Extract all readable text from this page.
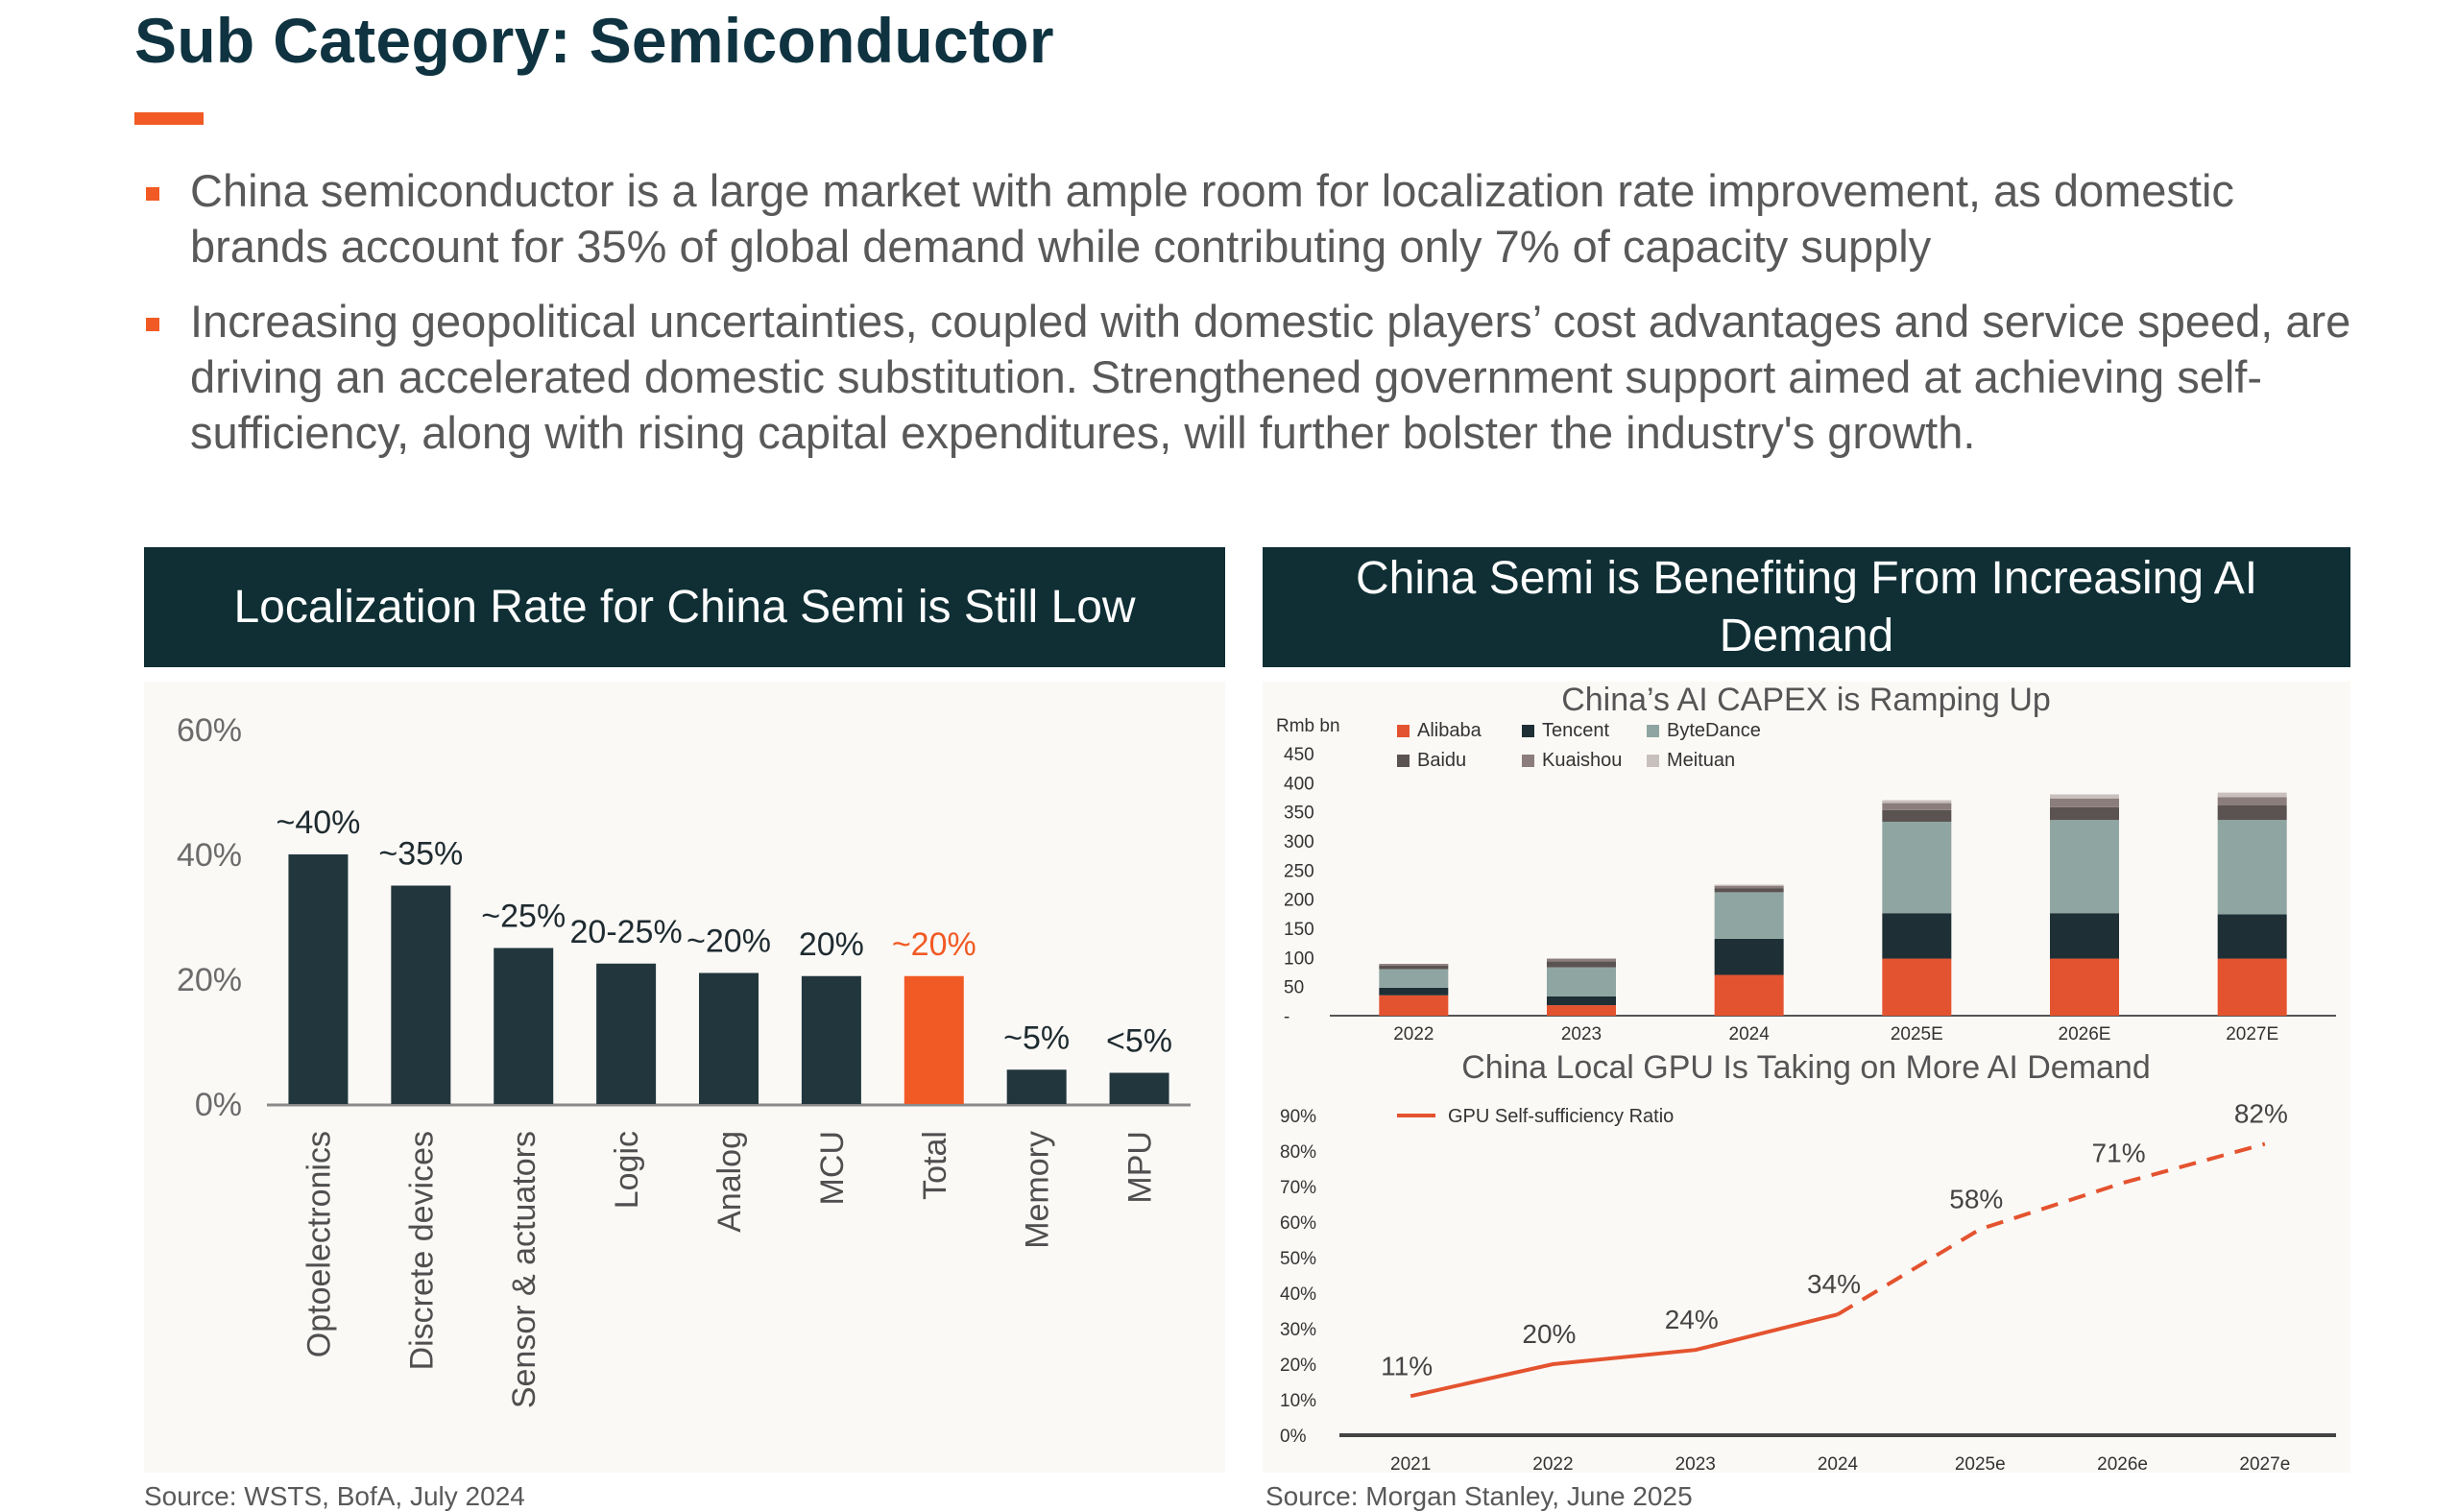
Sub Category: Semiconductor
China semiconductor is a large market with ample room for localization rate improvement, as domestic brands account for 35% of global demand while contributing only 7% of capacity supply
Increasing geopolitical uncertainties, coupled with domestic players’ cost advantages and service speed, are driving an accelerated domestic substitution. Strengthened government support aimed at achieving self-sufficiency, along with rising capital expenditures, will further bolster the industry's growth.
Localization Rate for China Semi is Still Low
0%
20%
40%
60%
~40%
Optoelectronics
~35%
Discrete devices
~25%
Sensor & actuators
20-25%
Logic
~20%
Analog
20%
MCU
~20%
Total
~5%
Memory
<5%
MPU
Source: WSTS, BofA, July 2024
China Semi is Benefiting From Increasing AI Demand
China’s AI CAPEX is Ramping Up
Rmb bn
-
50
100
150
200
250
300
350
400
450
Alibaba	Tencent	ByteDance
Baidu	Kuaishou Meituan
2022	2023	2024	2025E	2026E	2027E
China Local GPU Is Taking on More AI Demand
GPU Self-sufficiency Ratio
0%
10%
20%
30%
40%
50%
60%
70%
80%
90%
11%
2021
20%
2022
24%
2023
34%
2024
58%
2025e
71%
2026e
82%
2027e
Source: Morgan Stanley, June 2025
